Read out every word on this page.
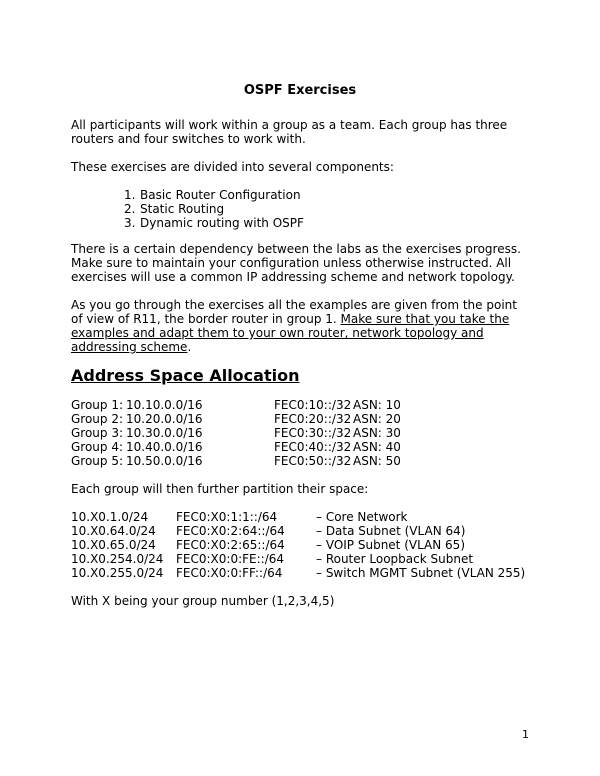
OSPF Exercises
All participants will work within a group as a team. Each group has three routers and four switches to work with.
These exercises are divided into several components:
1. Basic Router Configuration
2. Static Routing
3. Dynamic routing with OSPF
There is a certain dependency between the labs as the exercises progress. Make sure to maintain your configuration unless otherwise instructed. All exercises will use a common IP addressing scheme and network topology.
As you go through the exercises all the examples are given from the point of view of R11, the border router in group 1. Make sure that you take the examples and adapt them to your own router, network topology and addressing scheme.
Address Space Allocation
Group 1: 10.10.0.0/16	FEC0:10::/32 ASN: 10
Group 2: 10.20.0.0/16	FEC0:20::/32 ASN: 20
Group 3: 10.30.0.0/16	FEC0:30::/32 ASN: 30
Group 4: 10.40.0.0/16	FEC0:40::/32 ASN: 40
Group 5: 10.50.0.0/16	FEC0:50::/32 ASN: 50
Each group will then further partition their space:
10.X0.1.0/24 FEC0:X0:1:1::/64	– Core Network
10.X0.64.0/24 FEC0:X0:2:64::/64	– Data Subnet (VLAN 64)
10.X0.65.0/24 FEC0:X0:2:65::/64	– VOIP Subnet (VLAN 65)
10.X0.254.0/24 FEC0:X0:0:FE::/64	– Router Loopback Subnet
10.X0.255.0/24 FEC0:X0:0:FF::/64	– Switch MGMT Subnet (VLAN 255)
With X being your group number (1,2,3,4,5)
1
